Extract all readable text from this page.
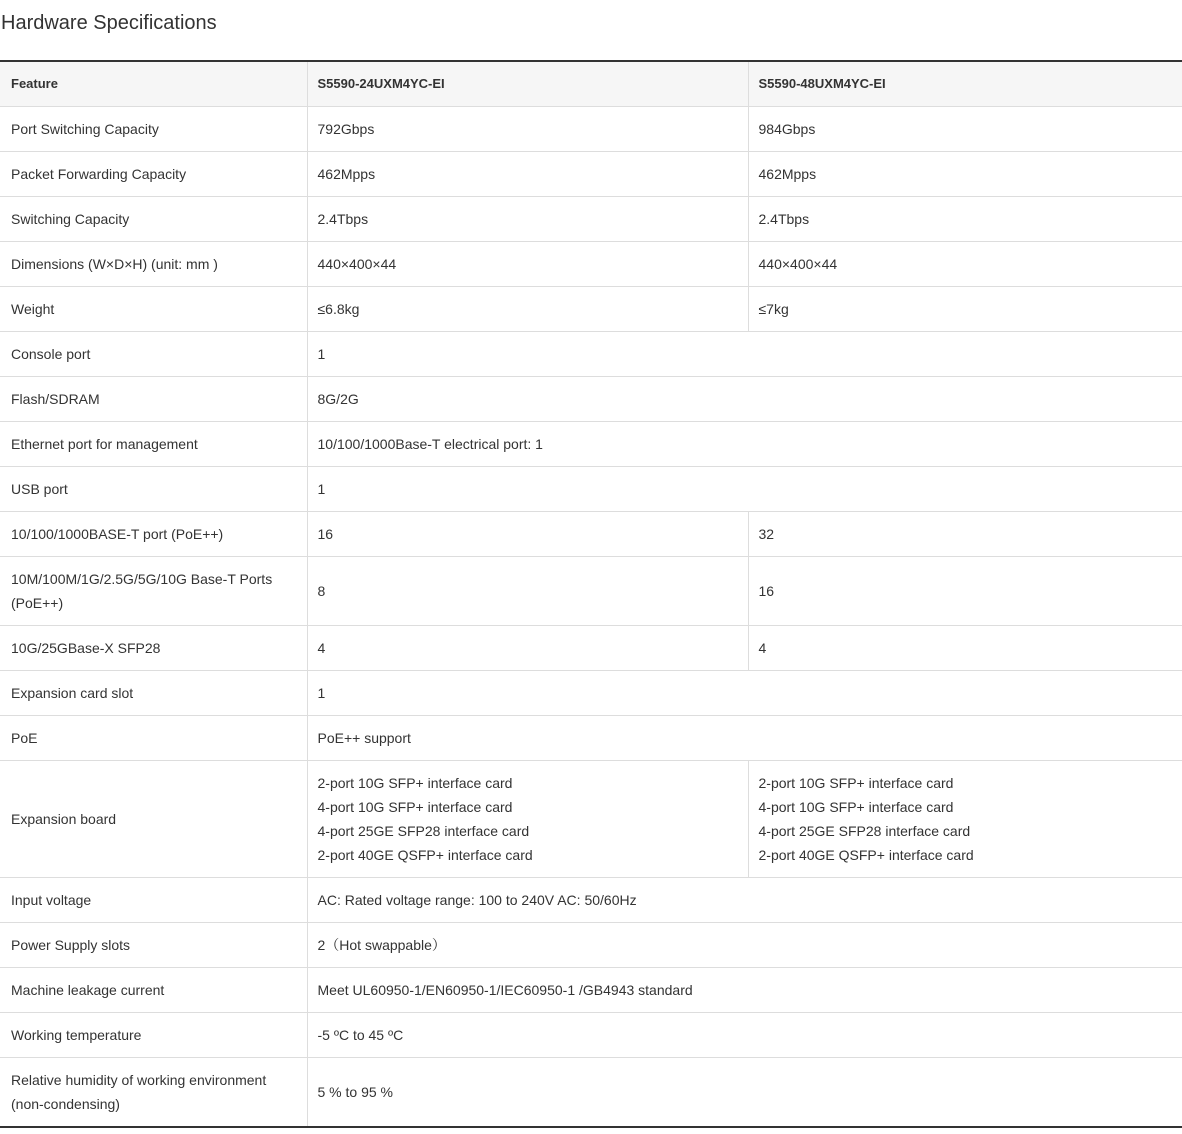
Hardware Specifications
Feature	S5590-24UXM4YC-EI	S5590-48UXM4YC-EI
Port Switching Capacity	792Gbps	984Gbps
Packet Forwarding Capacity	462Mpps	462Mpps
Switching Capacity	2.4Tbps	2.4Tbps
Dimensions (W×D×H) (unit: mm )	440×400×44	440×400×44
Weight	≤6.8kg	≤7kg
Console port	1	
Flash/SDRAM	8G/2G	
Ethernet port for management	10/100/1000Base-T electrical port: 1	
USB port	1	
10/100/1000BASE-T port (PoE++)	16	32

10M/100M/1G/2.5G/5G/10G Base-T Ports
(PoE++)	8	16
10G/25GBase-X SFP28	4	4
Expansion card slot	1	
PoE	PoE++ support	
Expansion board	2-port 10G SFP+ interface card
4-port 10G SFP+ interface card
4-port 25GE SFP28 interface card
2-port 40GE QSFP+ interface card	2-port 10G SFP+ interface card
4-port 10G SFP+ interface card
4-port 25GE SFP28 interface card
2-port 40GE QSFP+ interface card

Input voltage	AC: Rated voltage range: 100 to 240V AC: 50/60Hz	
Power Supply slots	2（Hot swappable）	
Machine leakage current	Meet UL60950-1/EN60950-1/IEC60950-1 /GB4943 standard	
Working temperature	-5 ºC to 45 ºC	

Relative humidity of working environment
(non-condensing)	5 % to 95 %	
